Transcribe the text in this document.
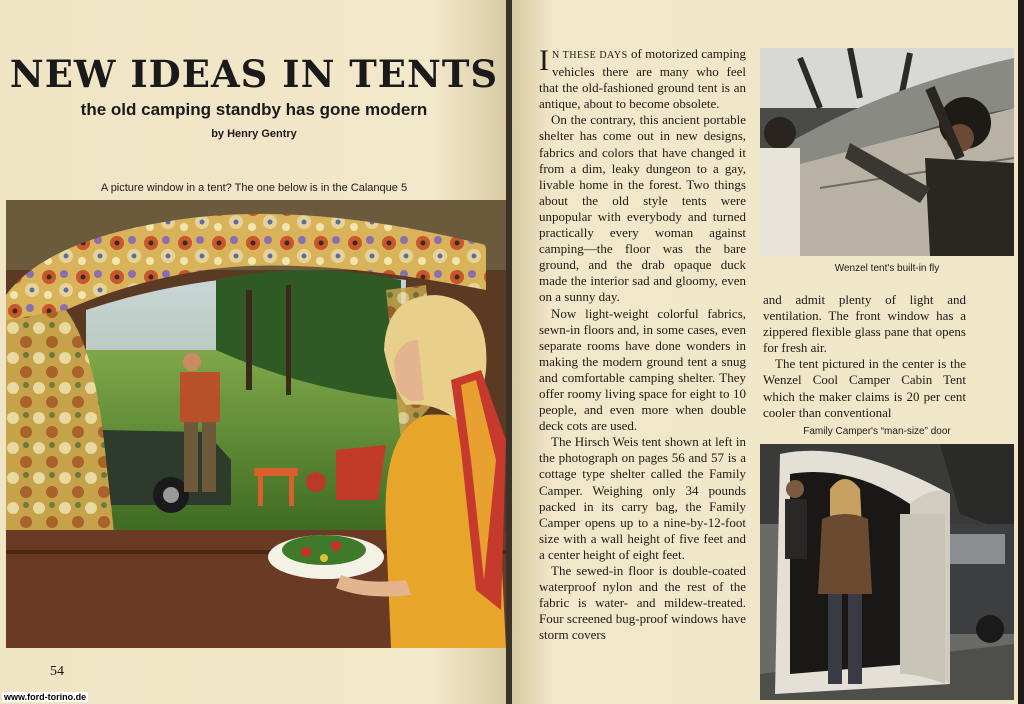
NEW IDEAS IN TENTS
the old camping standby has gone modern
by Henry Gentry
A picture window in a tent? The one below is in the Calanque 5
54
www.ford-torino.de

I N THESE DAYS of motorized camping vehicles there are many who feel that the old-fashioned ground tent is an antique, about to become obsolete.

On the contrary, this ancient portable shelter has come out in new designs, fabrics and colors that have changed it from a dim, leaky dungeon to a gay, livable home in the forest. Two things about the old style tents were unpopular with everybody and turned practically every woman against camping—the floor was the bare ground, and the drab opaque duck made the interior sad and gloomy, even on a sunny day.

Now light-weight colorful fabrics, sewn-in floors and, in some cases, even separate rooms have done wonders in making the modern ground tent a snug and comfortable camping shelter. They offer roomy living space for eight to 10 people, and even more when double deck cots are used.

The Hirsch Weis tent shown at left in the photograph on pages 56 and 57 is a cottage type shelter called the Family Camper. Weighing only 34 pounds packed in its carry bag, the Family Camper opens up to a nine-by-12-foot size with a wall height of five feet and a center height of eight feet.

The sewed-in floor is double-coated waterproof nylon and the rest of the fabric is water- and mildew-treated. Four screened bug-proof windows have storm covers

Wenzel tent's built-in fly

and admit plenty of light and ventilation. The front window has a zippered flexible glass pane that opens for fresh air.

The tent pictured in the center is the Wenzel Cool Camper Cabin Tent which the maker claims is 20 per cent cooler than conventional

Family Camper's “man-size” door
